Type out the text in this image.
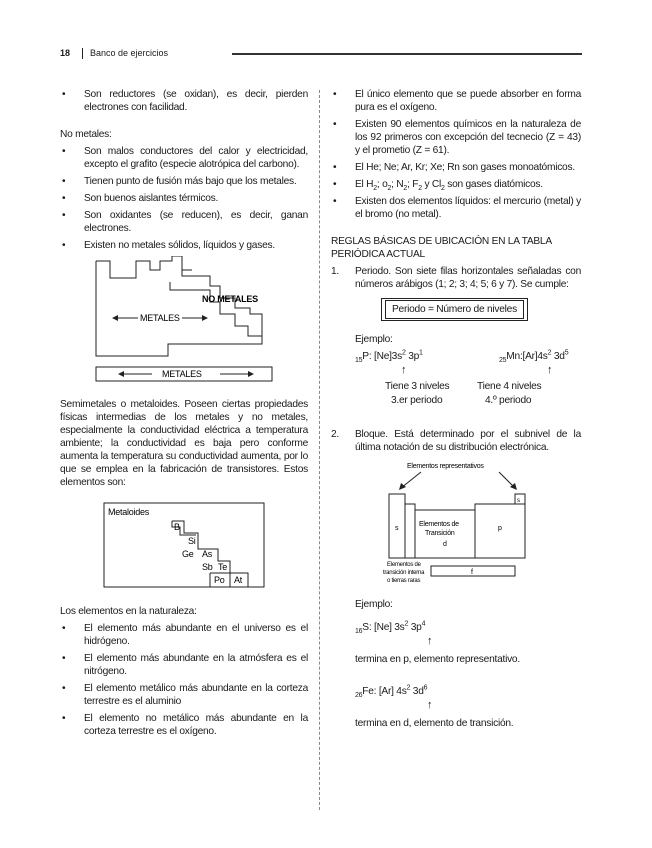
18 Banco de ejercicios
• Son reductores (se oxidan), es decir, pierden electrones con facilidad.
No metales:
• Son malos conductores del calor y electricidad, excepto el grafito (especie alotrópica del carbono).
• Tienen punto de fusión más bajo que los metales.
• Son buenos aislantes térmicos.
• Son oxidantes (se reducen), es decir, ganan electrones.
• Existen no metales sólidos, líquidos y gases.
NO METALES
METALES
METALES

Semimetales o metaloides. Poseen ciertas propiedades físicas intermedias de los metales y no metales, especialmente la conductividad eléctrica a temperatura ambiente; la conductividad es baja pero conforme aumenta la temperatura su conductividad aumenta, por lo que se emplea en la fabricación de transistores. Estos elementos son:

Metaloides
B
Si
Ge As
Sb Te
Po At
Los elementos en la naturaleza:
• El elemento más abundante en el universo es el hidrógeno.
• El elemento más abundante en la atmósfera es el nitrógeno.
• El elemento metálico más abundante en la corteza terrestre es el aluminio
• El elemento no metálico más abundante en la corteza terrestre es el oxígeno.
• El único elemento que se puede absorber en forma pura es el oxígeno.
• Existen 90 elementos químicos en la naturaleza de los 92 primeros con excepción del tecnecio (Z = 43) y el prometio (Z = 61).
• El He; Ne; Ar, Kr; Xe; Rn son gases monoatómicos.
• El $H_2$; $o_2$; $N_2$; $F_2$ y $Cl_2$ son gases diatómicos.
• Existen dos elementos líquidos: el mercurio (metal) y el bromo (no metal).
REGLAS BÁSICAS DE UBICACIÓN EN LA TABLA PERIÓDICA ACTUAL
1. Periodo. Son siete filas horizontales señaladas con números arábigos (1; 2; 3; 4; 5; 6 y 7). Se cumple:
Periodo = Número de niveles
Ejemplo:
$_{15}$P: $[Ne]3s^2$ $3p^1$
↑
Tiene 3 niveles
3.er periodo
$_{25}Mn:[Ar]4s^2$ $3d^5$
↑
Tiene 4 niveles
4.º periodo
2. Bloque. Está determinado por el subnivel de la última notación de su distribución electrónica.
Elementos representativos
s
s
Elementos de
Transición
d
p
Elementos de
transición interna
o tierras raras
f
Ejemplo:
$_{16}$S: [Ne] $3s^2$ $3p^4$
↑
termina en p, elemento representativo.
$_{26}$Fe: [Ar] $4s^2$ $3d^6$
↑
termina en d, elemento de transición.
